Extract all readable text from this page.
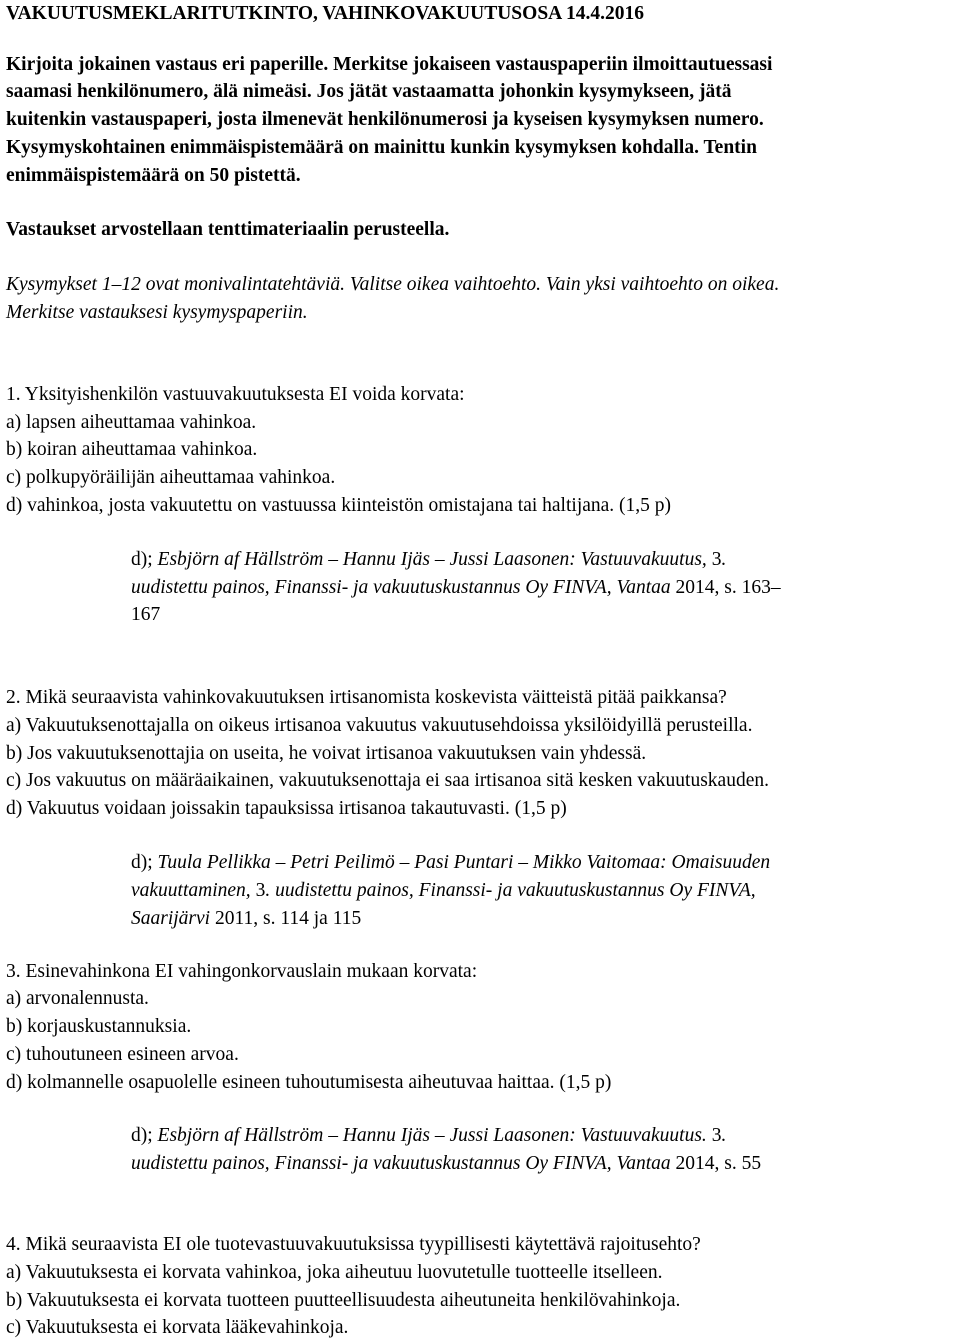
VAKUUTUSMEKLARITUTKINTO, VAHINKOVAKUUTUSOSA 14.4.2016
Kirjoita jokainen vastaus eri paperille. Merkitse jokaiseen vastauspaperiin ilmoittautuessasi
saamasi henkilönumero, älä nimeäsi. Jos jätät vastaamatta johonkin kysymykseen, jätä
kuitenkin vastauspaperi, josta ilmenevät henkilönumerosi ja kyseisen kysymyksen numero.
Kysymyskohtainen enimmäispistemäärä on mainittu kunkin kysymyksen kohdalla. Tentin
enimmäispistemäärä on 50 pistettä.
Vastaukset arvostellaan tenttimateriaalin perusteella.
Kysymykset 1–12 ovat monivalintatehtäviä. Valitse oikea vaihtoehto. Vain yksi vaihtoehto on oikea.
Merkitse vastauksesi kysymyspaperiin.
1. Yksityishenkilön vastuuvakuutuksesta EI voida korvata:
a) lapsen aiheuttamaa vahinkoa.
b) koiran aiheuttamaa vahinkoa.
c) polkupyöräilijän aiheuttamaa vahinkoa.
d) vahinkoa, josta vakuutettu on vastuussa kiinteistön omistajana tai haltijana. (1,5 p)
d); Esbjörn af Hällström – Hannu Ijäs – Jussi Laasonen: Vastuuvakuutus, 3.
uudistettu painos, Finanssi- ja vakuutuskustannus Oy FINVA, Vantaa 2014, s. 163–
167
2. Mikä seuraavista vahinkovakuutuksen irtisanomista koskevista väitteistä pitää paikkansa?
a) Vakuutuksenottajalla on oikeus irtisanoa vakuutus vakuutusehdoissa yksilöidyillä perusteilla.
b) Jos vakuutuksenottajia on useita, he voivat irtisanoa vakuutuksen vain yhdessä.
c) Jos vakuutus on määräaikainen, vakuutuksenottaja ei saa irtisanoa sitä kesken vakuutuskauden.
d) Vakuutus voidaan joissakin tapauksissa irtisanoa takautuvasti. (1,5 p)
d); Tuula Pellikka – Petri Peilimö – Pasi Puntari – Mikko Vaitomaa: Omaisuuden
vakuuttaminen, 3. uudistettu painos, Finanssi- ja vakuutuskustannus Oy FINVA,
Saarijärvi 2011, s. 114 ja 115
3. Esinevahinkona EI vahingonkorvauslain mukaan korvata:
a) arvonalennusta.
b) korjauskustannuksia.
c) tuhoutuneen esineen arvoa.
d) kolmannelle osapuolelle esineen tuhoutumisesta aiheutuvaa haittaa. (1,5 p)
d); Esbjörn af Hällström – Hannu Ijäs – Jussi Laasonen: Vastuuvakuutus. 3.
uudistettu painos, Finanssi- ja vakuutuskustannus Oy FINVA, Vantaa 2014, s. 55
4. Mikä seuraavista EI ole tuotevastuuvakuutuksissa tyypillisesti käytettävä rajoitusehto?
a) Vakuutuksesta ei korvata vahinkoa, joka aiheutuu luovutetulle tuotteelle itselleen.
b) Vakuutuksesta ei korvata tuotteen puutteellisuudesta aiheutuneita henkilövahinkoja.
c) Vakuutuksesta ei korvata lääkevahinkoja.
